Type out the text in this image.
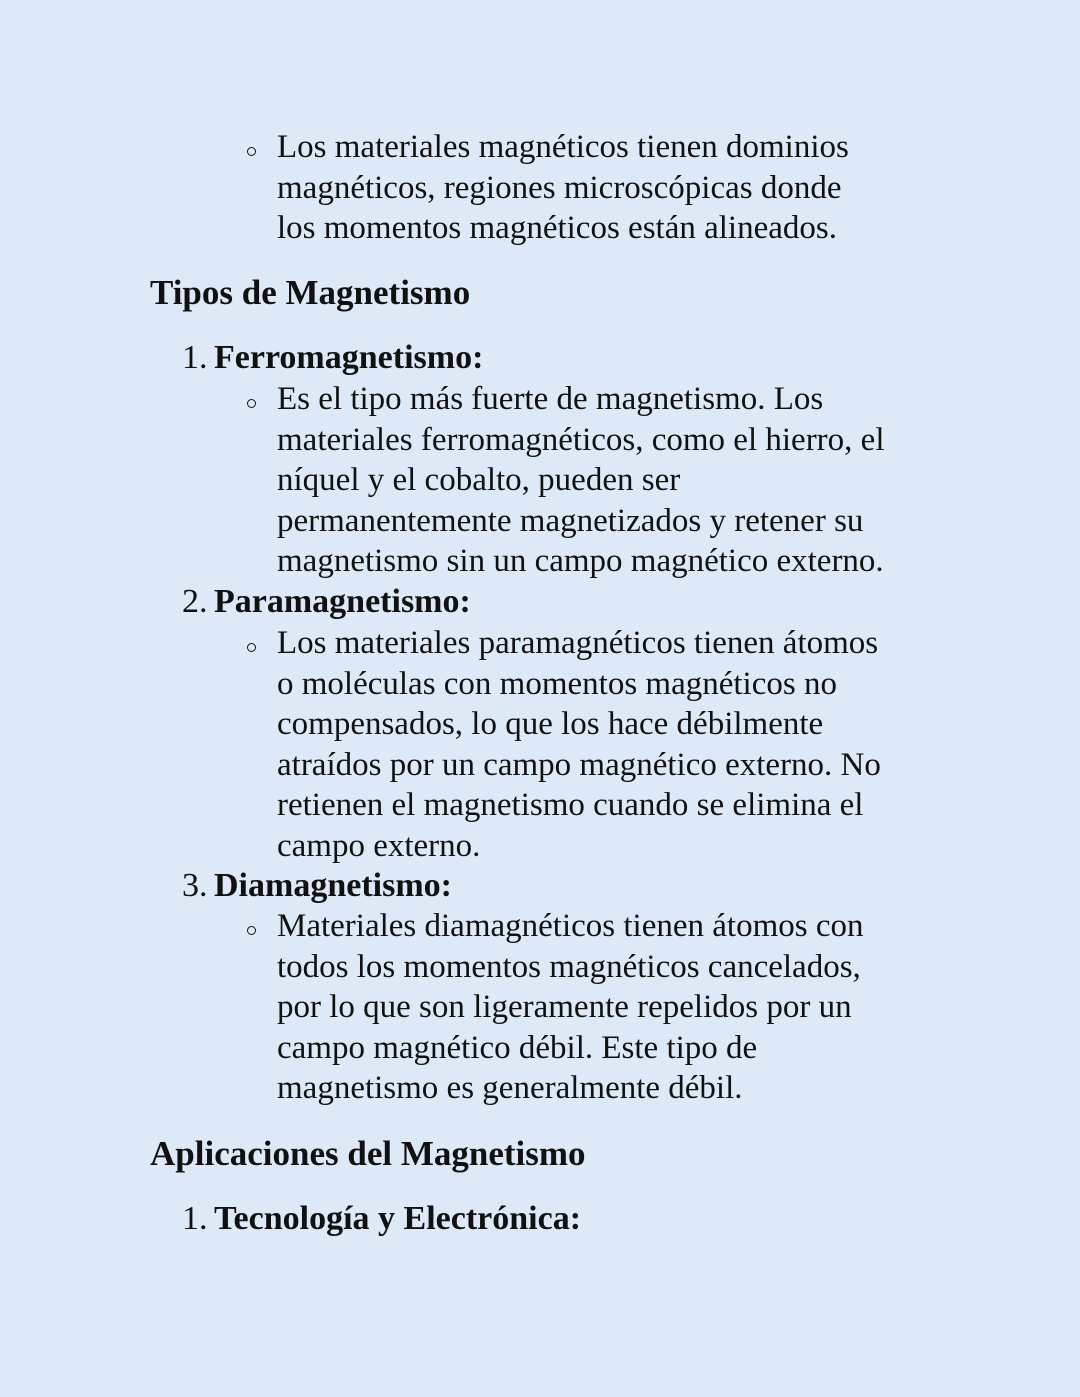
Los materiales magnéticos tienen dominios
magnéticos, regiones microscópicas donde
los momentos magnéticos están alineados.
Tipos de Magnetismo
1. Ferromagnetismo:
Es el tipo más fuerte de magnetismo. Los
materiales ferromagnéticos, como el hierro, el
níquel y el cobalto, pueden ser
permanentemente magnetizados y retener su
magnetismo sin un campo magnético externo.
2. Paramagnetismo:
Los materiales paramagnéticos tienen átomos
o moléculas con momentos magnéticos no
compensados, lo que los hace débilmente
atraídos por un campo magnético externo. No
retienen el magnetismo cuando se elimina el
campo externo.
3. Diamagnetismo:
Materiales diamagnéticos tienen átomos con
todos los momentos magnéticos cancelados,
por lo que son ligeramente repelidos por un
campo magnético débil. Este tipo de
magnetismo es generalmente débil.
Aplicaciones del Magnetismo
1. Tecnología y Electrónica:
